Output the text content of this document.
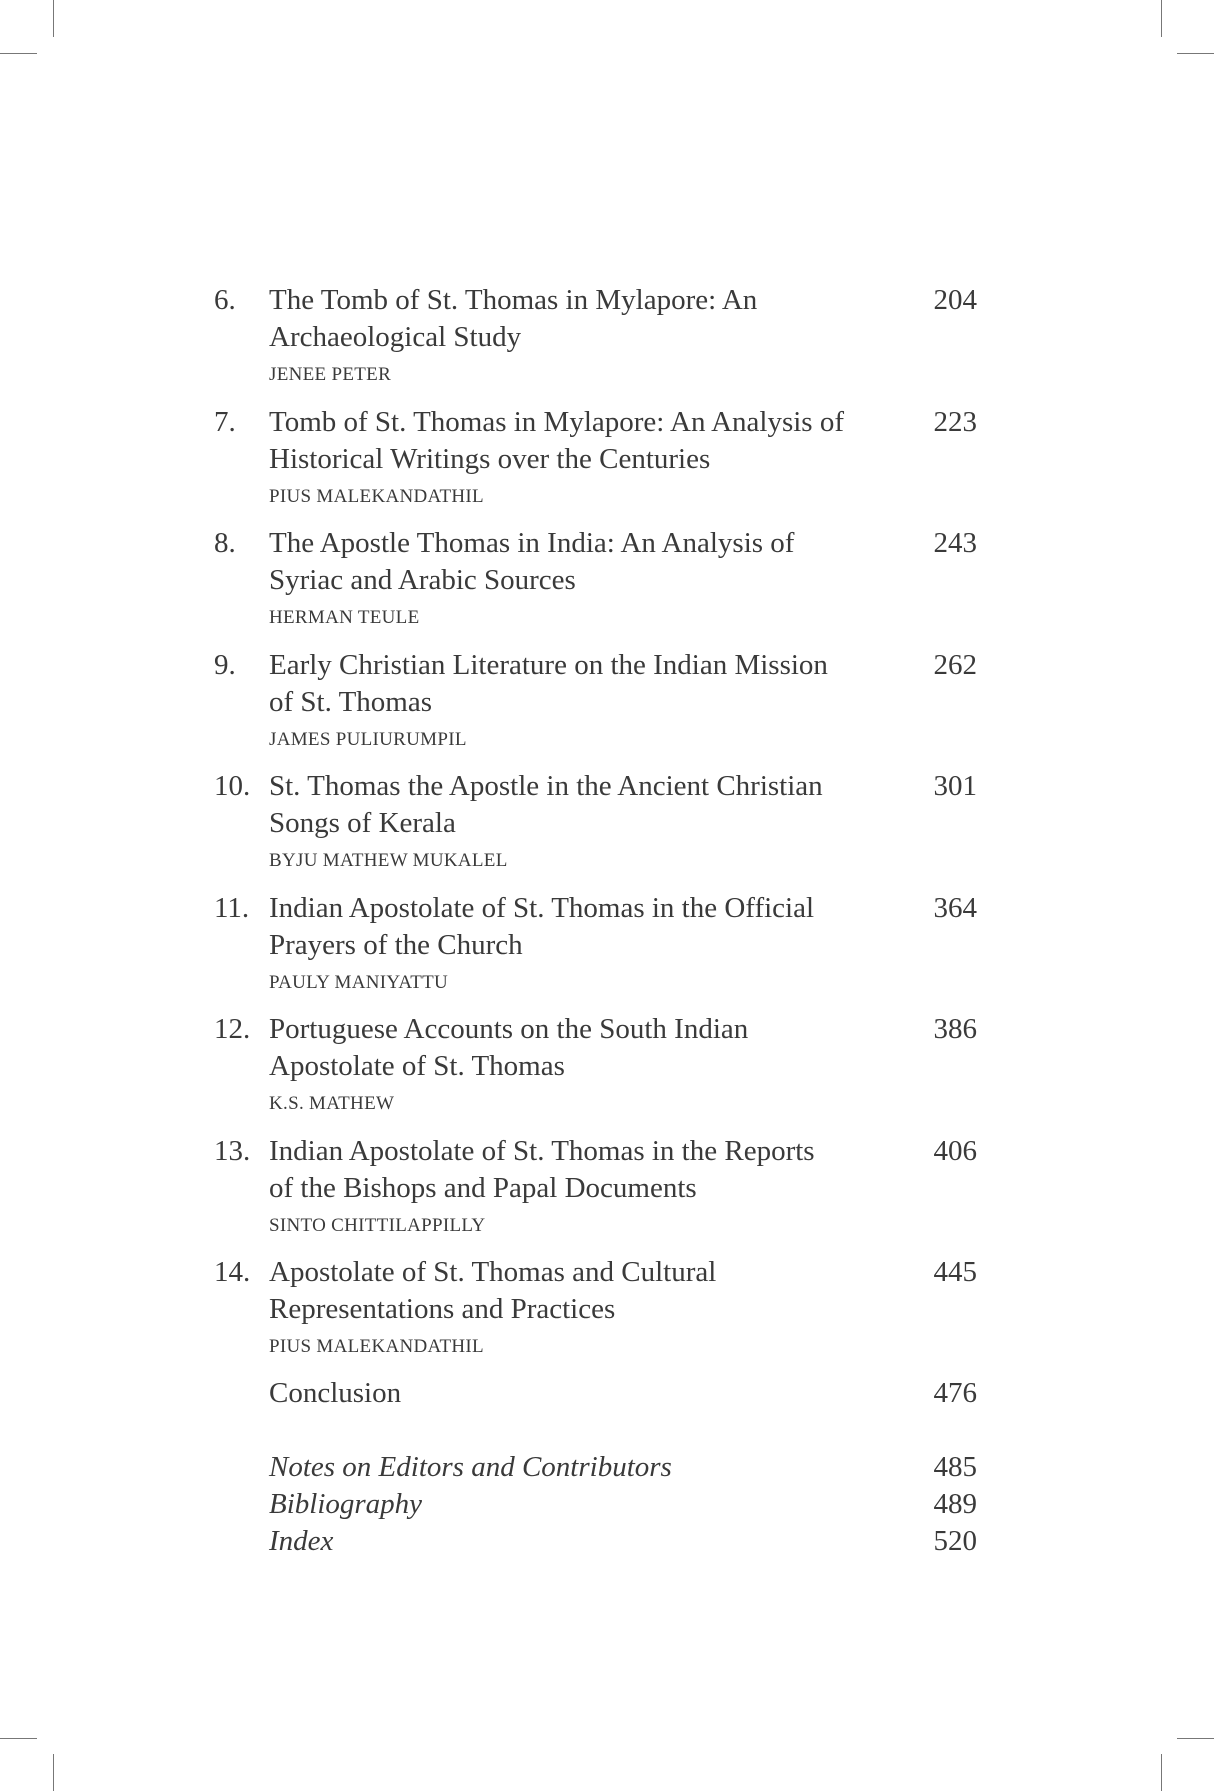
6. The Tomb of St. Thomas in Mylapore: An
Archaeological Study
JENEE PETER
204
7. Tomb of St. Thomas in Mylapore: An Analysis of
Historical Writings over the Centuries
PIUS MALEKANDATHIL
223
8. The Apostle Thomas in India: An Analysis of
Syriac and Arabic Sources
HERMAN TEULE
243
9. Early Christian Literature on the Indian Mission
of St. Thomas
JAMES PULIURUMPIL
262
10. St. Thomas the Apostle in the Ancient Christian
Songs of Kerala
BYJU MATHEW MUKALEL
301
11. Indian Apostolate of St. Thomas in the Official
Prayers of the Church
PAULY MANIYATTU
364
12. Portuguese Accounts on the South Indian
Apostolate of St. Thomas
K.S. MATHEW
386
13. Indian Apostolate of St. Thomas in the Reports
of the Bishops and Papal Documents
SINTO CHITTILAPPILLY
406
14. Apostolate of St. Thomas and Cultural
Representations and Practices
PIUS MALEKANDATHIL
445
Conclusion	476
Notes on Editors and Contributors	485
Bibliography	489
Index	520
